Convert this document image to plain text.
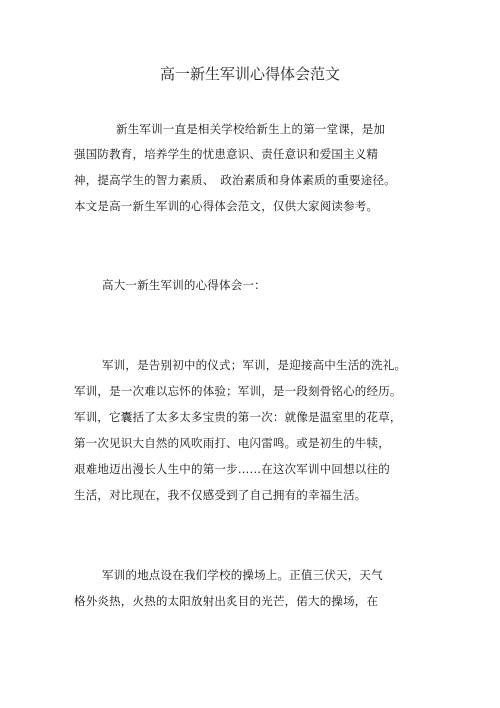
高一新生军训心得体会范文
新生军训一直是相关学校给新生上的第一堂课，是加
强国防教育，培养学生的忧患意识、责任意识和爱国主义精
神，提高学生的智力素质、　政治素质和身体素质的重要途径。
本文是高一新生军训的心得体会范文，仅供大家阅读参考。
高大一新生军训的心得体会一：
军训，是告别初中的仪式；军训，是迎接高中生活的洗礼。
军训，是一次难以忘怀的体验；军训，是一段刻骨铭心的经历。
军训，它囊括了太多太多宝贵的第一次：就像是温室里的花草，
第一次见识大自然的风吹雨打、电闪雷鸣。或是初生的牛犊，
艰难地迈出漫长人生中的第一步……在这次军训中回想以往的
生活，对比现在，我不仅感受到了自己拥有的幸福生活。
军训的地点设在我们学校的操场上。正值三伏天，天气
格外炎热，火热的太阳放射出炙目的光芒，偌大的操场，在
